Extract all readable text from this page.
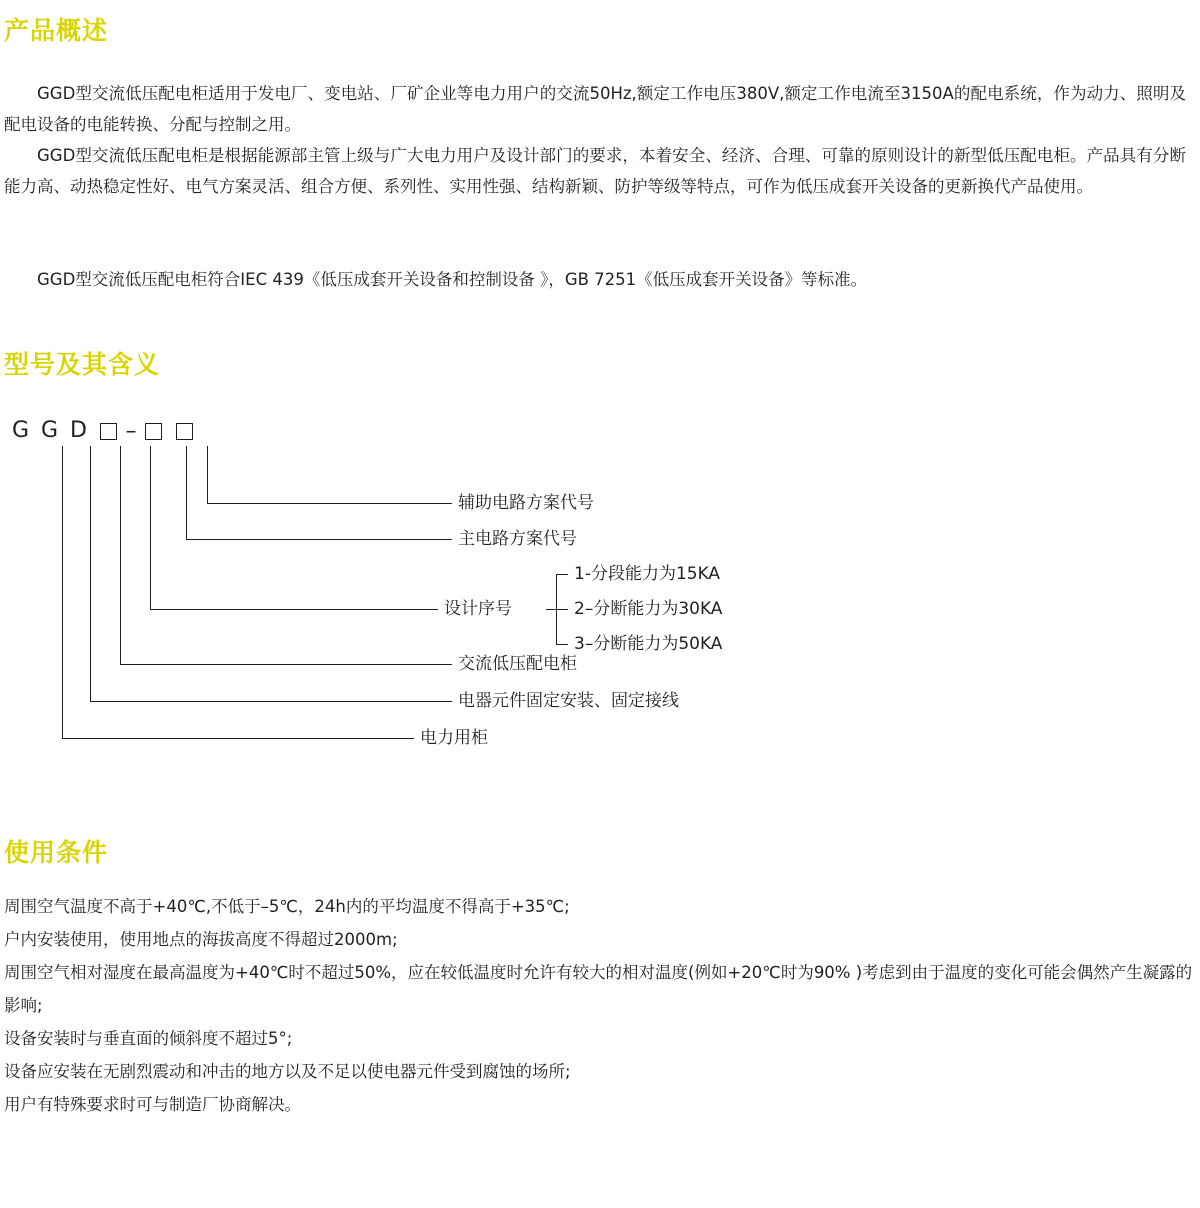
产品概述
GGD型交流低压配电柜适用于发电厂、变电站、厂矿企业等电力用户的交流50Hz,额定工作电压380V,额定工作电流至3150A的配电系统，作为动力、照明及配电设备的电能转换、分配与控制之用。
GGD型交流低压配电柜是根据能源部主管上级与广大电力用户及设计部门的要求，本着安全、经济、合理、可靠的原则设计的新型低压配电柜。产品具有分断能力高、动热稳定性好、电气方案灵活、组合方便、系列性、实用性强、结构新颖、防护等级等特点，可作为低压成套开关设备的更新换代产品使用。
GGD型交流低压配电柜符合IEC 439《低压成套开关设备和控制设备 》，GB 7251《低压成套开关设备》等标准。
型号及其含义
G G D –
辅助电路方案代号
主电路方案代号
设计序号
1-分段能力为15KA
2–分断能力为30KA
3–分断能力为50KA
交流低压配电柜
电器元件固定安装、固定接线
电力用柜
使用条件

周围空气温度不高于+40℃,不低于–5℃，24h内的平均温度不得高于+35℃;

户内安装使用，使用地点的海拔高度不得超过2000m;

周围空气相对湿度在最高温度为+40℃时不超过50%，应在较低温度时允许有较大的相对温度(例如+20℃时为90% )考虑到由于温度的变化可能会偶然产生凝露的影响;

设备安装时与垂直面的倾斜度不超过5°;

设备应安装在无剧烈震动和冲击的地方以及不足以使电器元件受到腐蚀的场所;

用户有特殊要求时可与制造厂协商解决。
